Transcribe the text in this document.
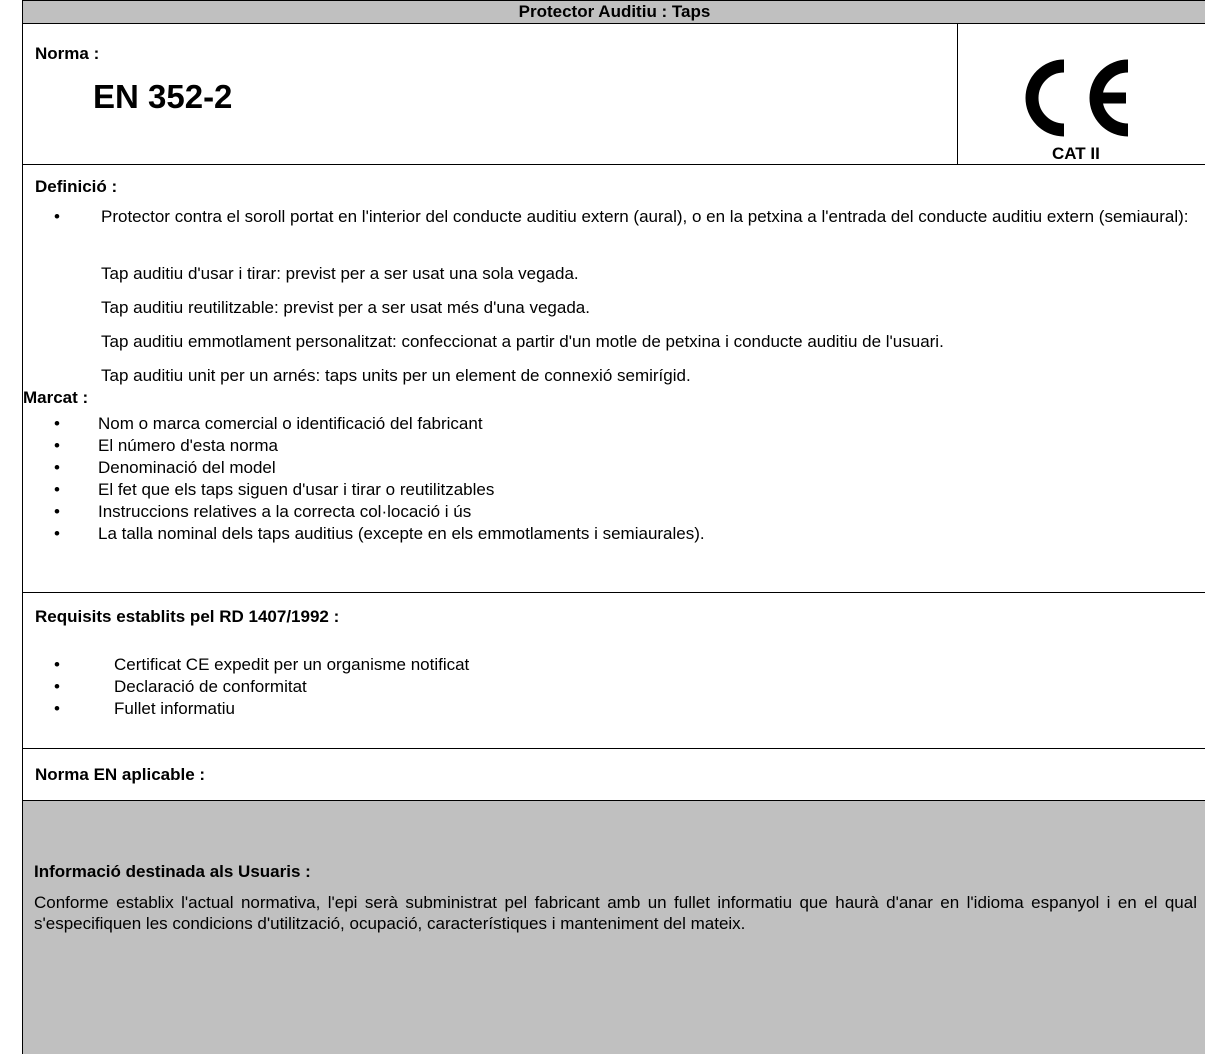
Protector Auditiu : Taps
Norma :
EN 352-2
CAT II
Definició :
• Protector contra el soroll portat en l'interior del conducte auditiu extern (aural), o en la petxina a l'entrada del conducte auditiu extern (semiaural):

Tap auditiu d'usar i tirar: previst per a ser usat una sola vegada.

Tap auditiu reutilitzable: previst per a ser usat més d'una vegada.

Tap auditiu emmotlament personalitzat: confeccionat a partir d'un motle de petxina i conducte auditiu de l'usuari.

Tap auditiu unit per un arnés: taps units per un element de connexió semirígid.

Marcat :
• Nom o marca comercial o identificació del fabricant
• El número d'esta norma
• Denominació del model
• El fet que els taps siguen d'usar i tirar o reutilitzables
• Instruccions relatives a la correcta col·locació i ús
• La talla nominal dels taps auditius (excepte en els emmotlaments i semiaurales).
Requisits establits pel RD 1407/1992 :
• Certificat CE expedit per un organisme notificat
• Declaració de conformitat
• Fullet informatiu
Norma EN aplicable :
•
•
Informació destinada als Usuaris :

Conforme establix l'actual normativa, l'epi serà subministrat pel fabricant amb un fullet informatiu que haurà d'anar en l'idioma espanyol i en el qual s'especifiquen les condicions d'utilització, ocupació, característiques i manteniment del mateix.
